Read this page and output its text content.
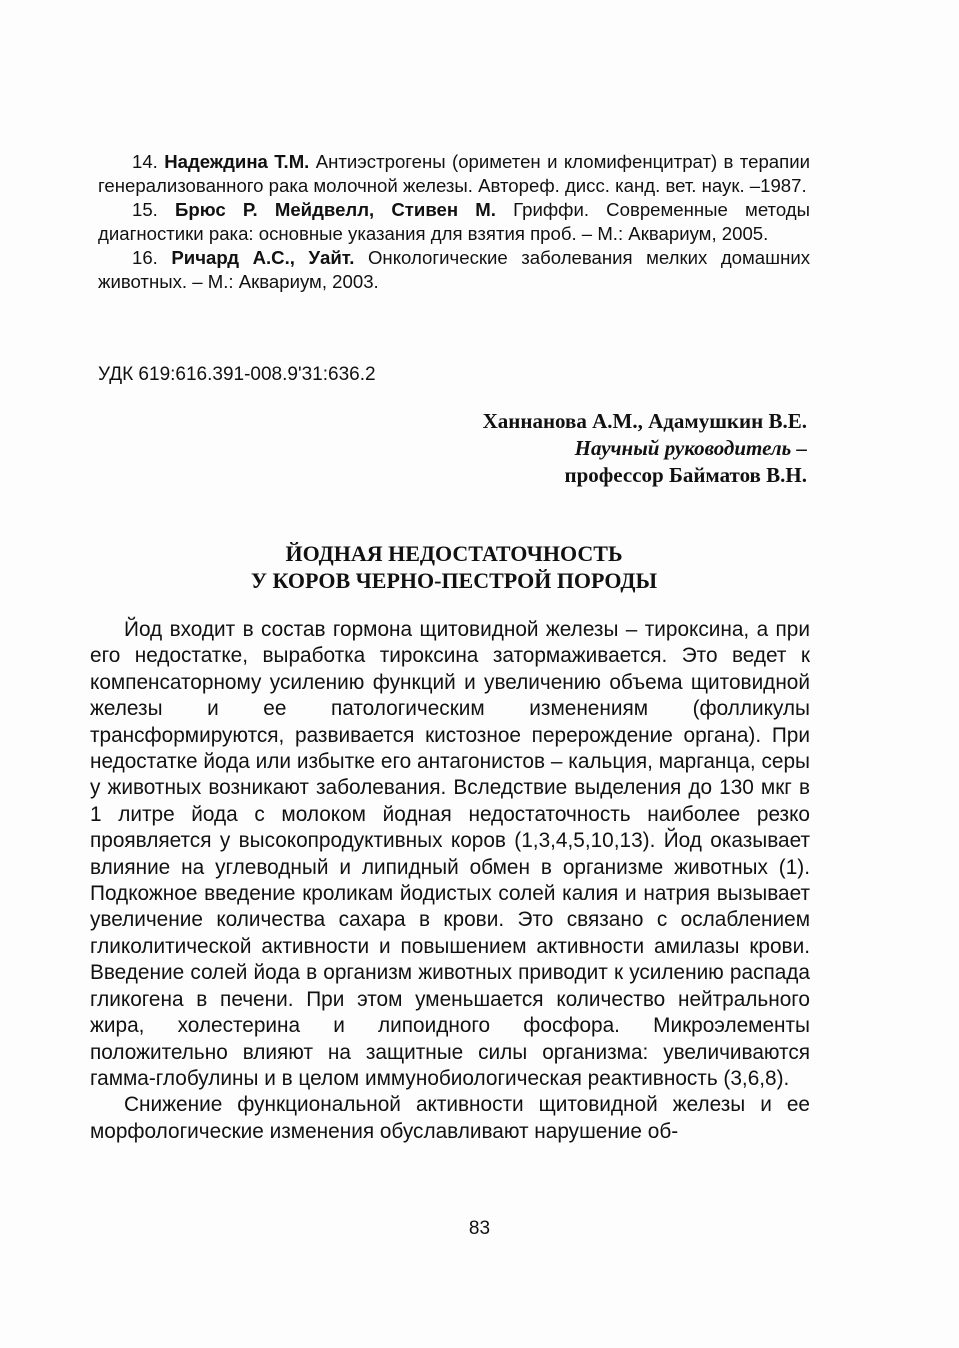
14. Надеждина Т.М. Антиэстрогены (ориметен и кломифенцитрат) в терапии генерализованного рака молочной железы. Автореф. дисс. канд. вет. наук. –1987.

15. Брюс Р. Мейдвелл, Стивен М. Гриффи. Современные методы диагностики рака: основные указания для взятия проб. – М.: Аквариум, 2005.

16. Ричард А.С., Уайт. Онкологические заболевания мелких домашних животных. – М.: Аквариум, 2003.

УДК 619:616.391-008.9'31:636.2
Ханнанова А.М., Адамушкин В.Е.
Научный руководитель –
профессор Байматов В.Н.
ЙОДНАЯ НЕДОСТАТОЧНОСТЬ
У КОРОВ ЧЕРНО-ПЕСТРОЙ ПОРОДЫ

Йод входит в состав гормона щитовидной железы – тироксина, а при его недостатке, выработка тироксина затормаживается. Это ведет к компенсаторному усилению функций и увеличению объема щитовидной железы и ее патологическим изменениям (фолликулы трансформируются, развивается кистозное перерождение органа). При недостатке йода или избытке его антагонистов – кальция, марганца, серы у животных возникают заболевания. Вследствие выделения до 130 мкг в 1 литре йода с молоком йодная недостаточность наиболее резко проявляется у высокопродуктивных коров (1,3,4,5,10,13). Йод оказывает влияние на углеводный и липидный обмен в организме животных (1). Подкожное введение кроликам йодистых солей калия и натрия вызывает увеличение количества сахара в крови. Это связано с ослаблением гликолитической активности и повышением активности амилазы крови. Введение солей йода в организм животных приводит к усилению распада гликогена в печени. При этом уменьшается количество нейтрального жира, холестерина и липоидного фосфора. Микроэлементы положительно влияют на защитные силы организма: увеличиваются гамма-глобулины и в целом иммунобиологическая реактивность (3,6,8).

Снижение функциональной активности щитовидной железы и ее морфологические изменения обуславливают нарушение об-

83
